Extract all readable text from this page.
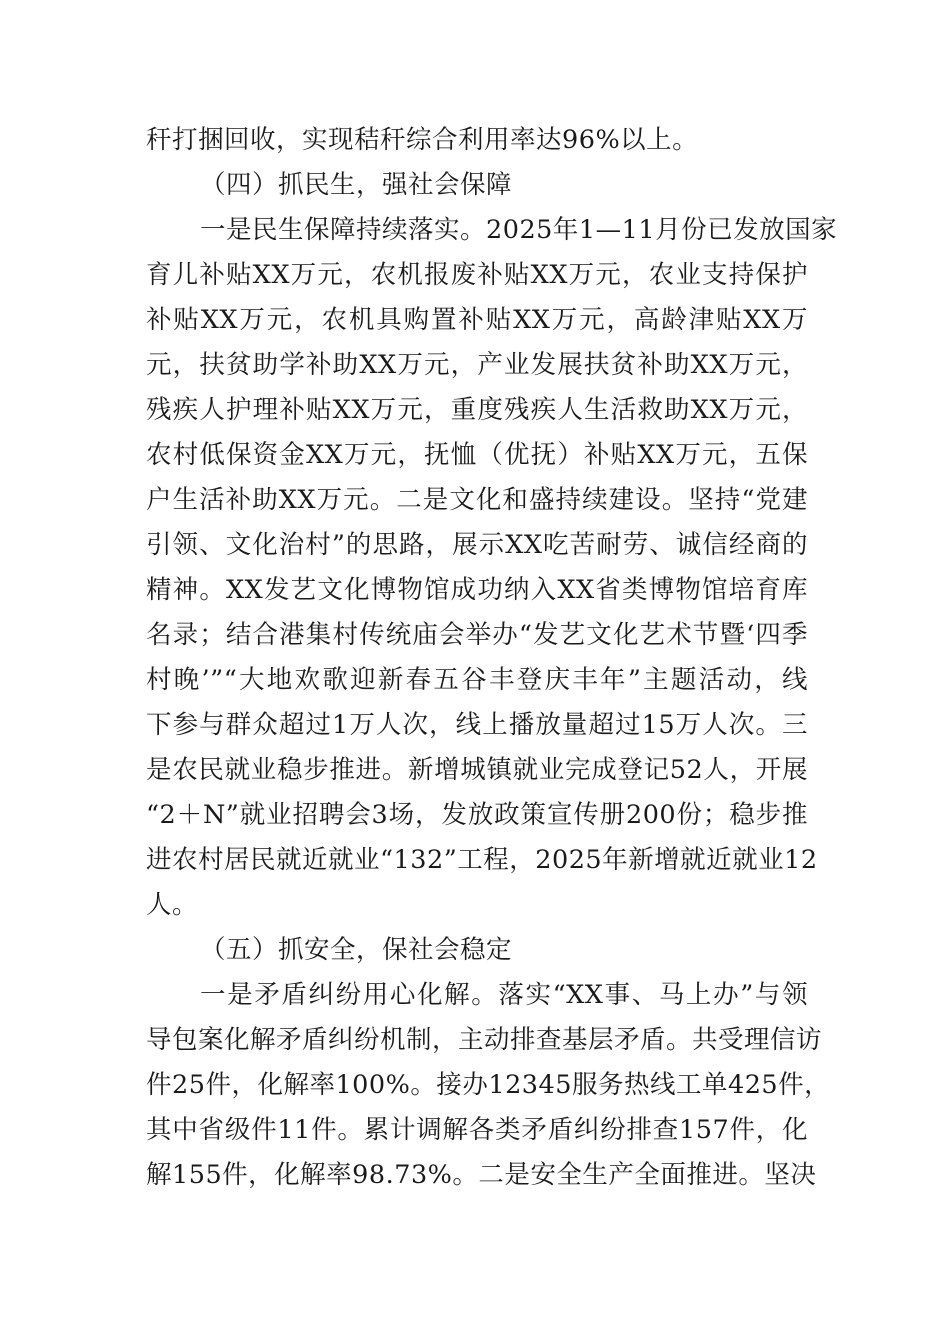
秆打捆回收，实现秸秆综合利用率达96%以上。
（四）抓民生，强社会保障
一是民生保障持续落实。2025年1—11月份已发放国家
育儿补贴XX万元，农机报废补贴XX万元，农业支持保护
补贴XX万元，农机具购置补贴XX万元，高龄津贴XX万
元，扶贫助学补助XX万元，产业发展扶贫补助XX万元，
残疾人护理补贴XX万元，重度残疾人生活救助XX万元，
农村低保资金XX万元，抚恤（优抚）补贴XX万元，五保
户生活补助XX万元。二是文化和盛持续建设。坚持“党建
引领、文化治村”的思路，展示XX吃苦耐劳、诚信经商的
精神。XX发艺文化博物馆成功纳入XX省类博物馆培育库
名录；结合港集村传统庙会举办“发艺文化艺术节暨‘四季
村晚’”“大地欢歌迎新春五谷丰登庆丰年”主题活动，线
下参与群众超过1万人次，线上播放量超过15万人次。三
是农民就业稳步推进。新增城镇就业完成登记52人，开展
“2＋N”就业招聘会3场，发放政策宣传册200份；稳步推
进农村居民就近就业“132”工程，2025年新增就近就业12
人。
（五）抓安全，保社会稳定
一是矛盾纠纷用心化解。落实“XX事、马上办”与领
导包案化解矛盾纠纷机制，主动排查基层矛盾。共受理信访
件25件，化解率100%。接办12345服务热线工单425件，
其中省级件11件。累计调解各类矛盾纠纷排查157件，化
解155件，化解率98.73%。二是安全生产全面推进。坚决
